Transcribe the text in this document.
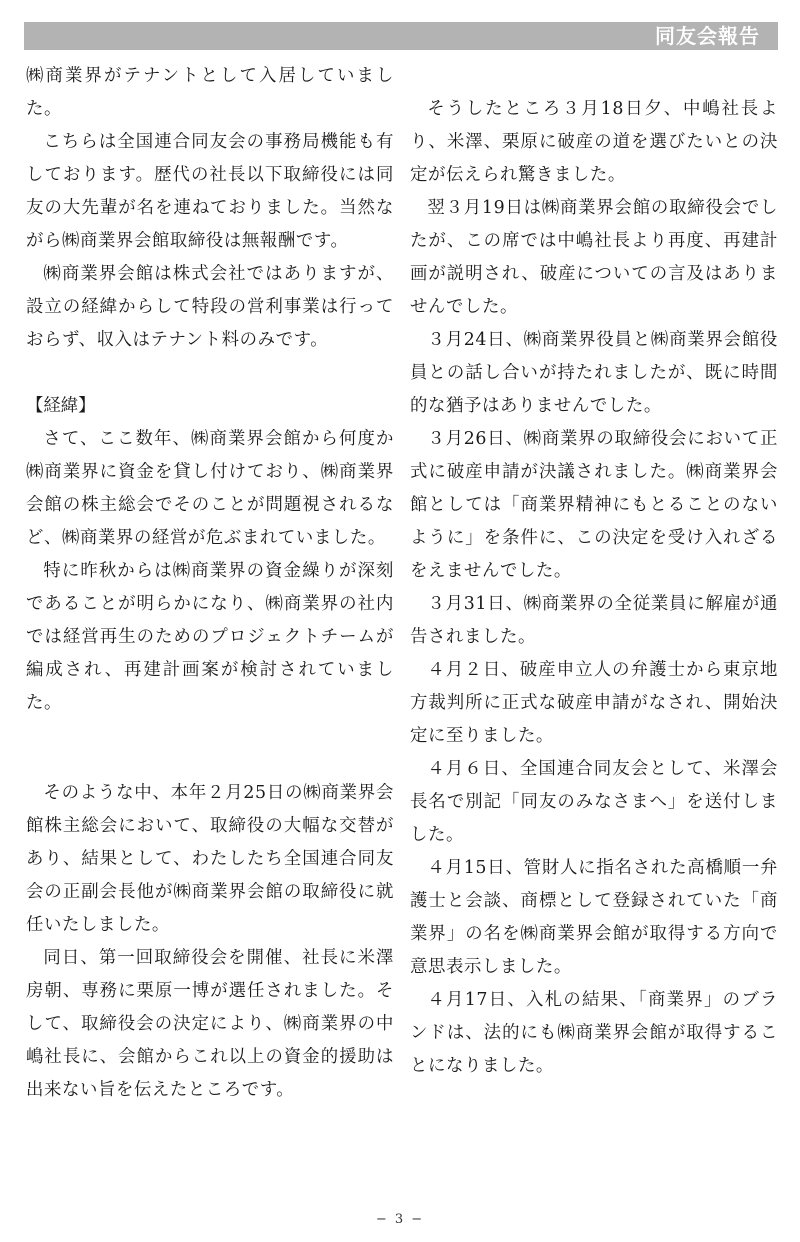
同友会報告

㈱商業界がテナントとして入居していました。

こちらは全国連合同友会の事務局機能も有しております。歴代の社長以下取締役には同友の大先輩が名を連ねておりました。当然ながら㈱商業界会館取締役は無報酬です。

㈱商業界会館は株式会社ではありますが、設立の経緯からして特段の営利事業は行っておらず、収入はテナント料のみです。

【経緯】

さて、ここ数年、㈱商業界会館から何度か㈱商業界に資金を貸し付けており、㈱商業界会館の株主総会でそのことが問題視されるなど、㈱商業界の経営が危ぶまれていました。

特に昨秋からは㈱商業界の資金繰りが深刻であることが明らかになり、㈱商業界の社内では経営再生のためのプロジェクトチームが編成され、再建計画案が検討されていました。

そのような中、本年２月25日の㈱商業界会館株主総会において、取締役の大幅な交替があり、結果として、わたしたち全国連合同友会の正副会長他が㈱商業界会館の取締役に就任いたしました。

同日、第一回取締役会を開催、社長に米澤房朝、専務に栗原一博が選任されました。そして、取締役会の決定により、㈱商業界の中嶋社長に、会館からこれ以上の資金的援助は出来ない旨を伝えたところです。

そうしたところ３月18日夕、中嶋社長より、米澤、栗原に破産の道を選びたいとの決定が伝えられ驚きました。

翌３月19日は㈱商業界会館の取締役会でしたが、この席では中嶋社長より再度、再建計画が説明され、破産についての言及はありませんでした。

３月24日、㈱商業界役員と㈱商業界会館役員との話し合いが持たれましたが、既に時間的な猶予はありませんでした。

３月26日、㈱商業界の取締役会において正式に破産申請が決議されました。㈱商業界会館としては「商業界精神にもとることのないように」を条件に、この決定を受け入れざるをえませんでした。

３月31日、㈱商業界の全従業員に解雇が通告されました。

４月２日、破産申立人の弁護士から東京地方裁判所に正式な破産申請がなされ、開始決定に至りました。

４月６日、全国連合同友会として、米澤会長名で別記「同友のみなさまへ」を送付しました。

４月15日、管財人に指名された高橋順一弁護士と会談、商標として登録されていた「商業界」の名を㈱商業界会館が取得する方向で意思表示しました。

４月17日、入札の結果、「商業界」のブランドは、法的にも㈱商業界会館が取得することになりました。

− 3 −
